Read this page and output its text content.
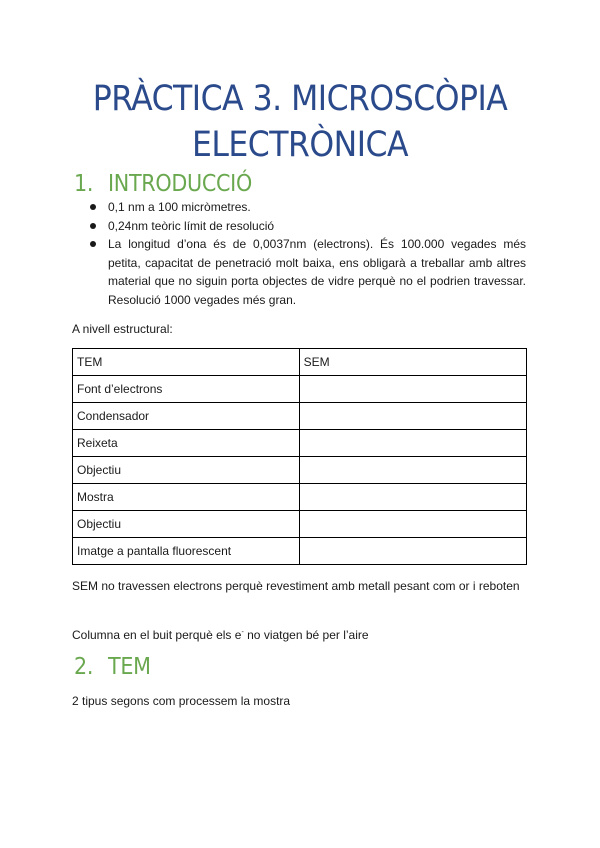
PRÀCTICA 3. MICROSCÒPIA ELECTRÒNICA
1. INTRODUCCIÓ
0,1 nm a 100 micròmetres.
0,24nm teòric límit de resolució
La longitud d’ona és de 0,0037nm (electrons). És 100.000 vegades més petita, capacitat de penetració molt baixa, ens obligarà a treballar amb altres material que no siguin porta objectes de vidre perquè no el podrien travessar. Resolució 1000 vegades més gran.

A nivell estructural:

TEM	SEM
Font d’electrons	
Condensador	
Reixeta	
Objectiu	
Mostra	
Objectiu	
Imatge a pantalla fluorescent	

SEM no travessen electrons perquè revestiment amb metall pesant com or i reboten

Columna en el buit perquè els e- no viatgen bé per l’aire

2. TEM

2 tipus segons com processem la mostra
